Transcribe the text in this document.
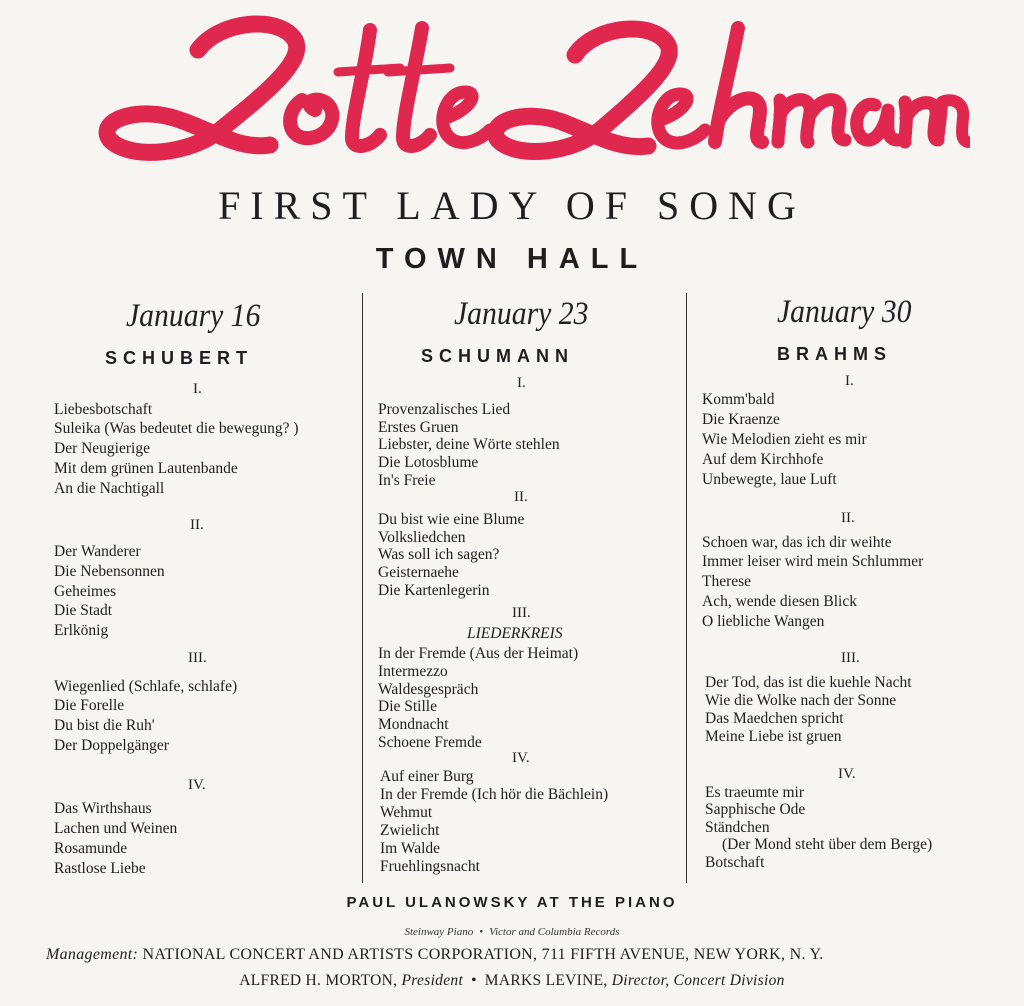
FIRST LADY OF SONG
TOWN HALL
January 16
SCHUBERT
I.
Liebesbotschaft
Suleika (Was bedeutet die bewegung? )
Der Neugierige
Mit dem grünen Lautenbande
An die Nachtigall
II.
Der Wanderer
Die Nebensonnen
Geheimes
Die Stadt
Erlkönig
III.
Wiegenlied (Schlafe, schlafe)
Die Forelle
Du bist die Ruh'
Der Doppelgänger
IV.
Das Wirthshaus
Lachen und Weinen
Rosamunde
Rastlose Liebe
January 23
SCHUMANN
I.
Provenzalisches Lied
Erstes Gruen
Liebster, deine Wörte stehlen
Die Lotosblume
In's Freie
II.
Du bist wie eine Blume
Volksliedchen
Was soll ich sagen?
Geisternaehe
Die Kartenlegerin
III.
LIEDERKREIS
In der Fremde (Aus der Heimat)
Intermezzo
Waldesgespräch
Die Stille
Mondnacht
Schoene Fremde
IV.
Auf einer Burg
In der Fremde (Ich hör die Bächlein)
Wehmut
Zwielicht
Im Walde
Fruehlingsnacht
January 30
BRAHMS
I.
Komm'bald
Die Kraenze
Wie Melodien zieht es mir
Auf dem Kirchhofe
Unbewegte, laue Luft
II.
Schoen war, das ich dir weihte
Immer leiser wird mein Schlummer
Therese
Ach, wende diesen Blick
O liebliche Wangen
III.
Der Tod, das ist die kuehle Nacht
Wie die Wolke nach der Sonne
Das Maedchen spricht
Meine Liebe ist gruen
IV.
Es traeumte mir
Sapphische Ode
Ständchen
(Der Mond steht über dem Berge)
Botschaft
PAUL ULANOWSKY AT THE PIANO
Steinway Piano • Victor and Columbia Records
Management: NATIONAL CONCERT AND ARTISTS CORPORATION, 711 FIFTH AVENUE, NEW YORK, N. Y.
ALFRED H. MORTON, President • MARKS LEVINE, Director, Concert Division
